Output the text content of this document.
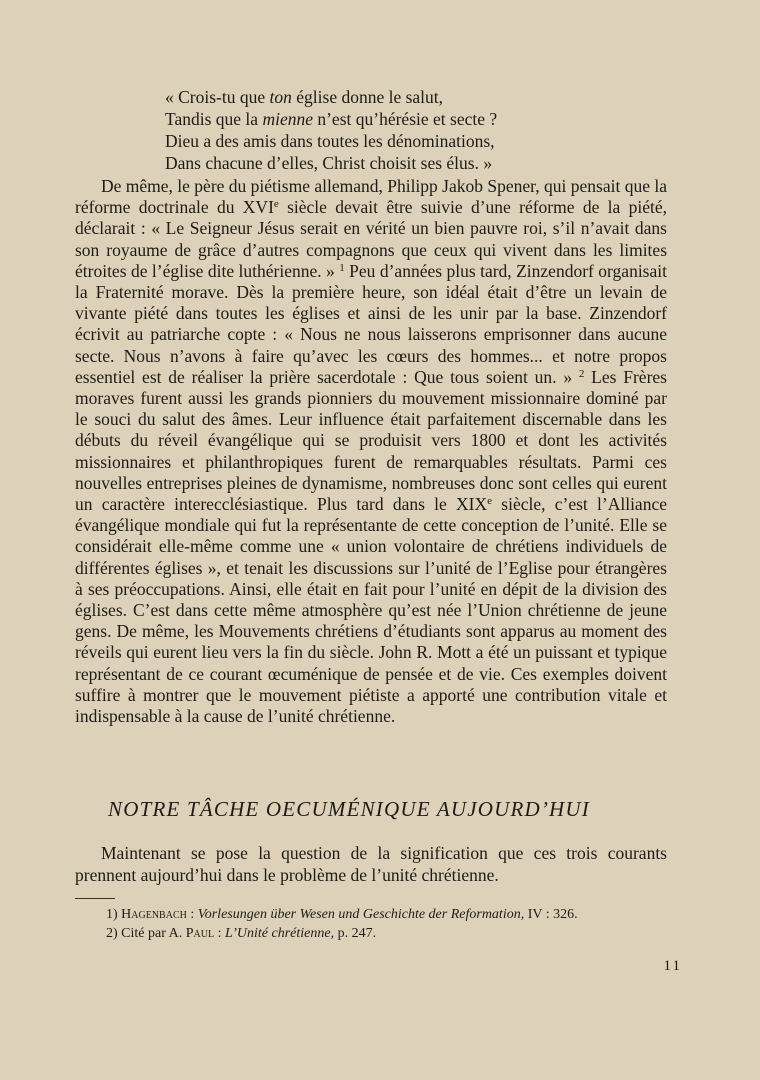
« Crois-tu que ton église donne le salut,
Tandis que la mienne n’est qu’hérésie et secte ?
Dieu a des amis dans toutes les dénominations,
Dans chacune d’elles, Christ choisit ses élus. »
De même, le père du piétisme allemand, Philipp Jakob Spener, qui pensait que la réforme doctrinale du XVIe siècle devait être suivie d’une réforme de la piété, déclarait : « Le Seigneur Jésus serait en vérité un bien pauvre roi, s’il n’avait dans son royaume de grâce d’autres compagnons que ceux qui vivent dans les limites étroites de l’église dite luthérienne. » $^1$ Peu d’années plus tard, Zinzendorf organisait la Fraternité morave. Dès la première heure, son idéal était d’être un levain de vivante piété dans toutes les églises et ainsi de les unir par la base. Zinzendorf écrivit au patriarche copte : « Nous ne nous laisserons emprisonner dans aucune secte. Nous n’avons à faire qu’avec les cœurs des hommes... et notre propos essentiel est de réaliser la prière sacerdotale : Que tous soient un. » $^2$ Les Frères moraves furent aussi les grands pionniers du mouvement missionnaire dominé par le souci du salut des âmes. Leur influence était parfaitement discernable dans les débuts du réveil évangélique qui se produisit vers 1800 et dont les activités missionnaires et philanthropiques furent de remarquables résultats. Parmi ces nouvelles entreprises pleines de dynamisme, nombreuses donc sont celles qui eurent un caractère interecclésiastique. Plus tard dans le XIXe siècle, c’est l’Alliance évangélique mondiale qui fut la représentante de cette conception de l’unité. Elle se considérait elle-même comme une « union volontaire de chrétiens individuels de différentes églises », et tenait les discussions sur l’unité de l’Eglise pour étrangères à ses préoccupations. Ainsi, elle était en fait pour l’unité en dépit de la division des églises. C’est dans cette même atmosphère qu’est née l’Union chrétienne de jeune gens. De même, les Mouvements chrétiens d’étudiants sont apparus au moment des réveils qui eurent lieu vers la fin du siècle. John R. Mott a été un puissant et typique représentant de ce courant œcuménique de pensée et de vie. Ces exemples doivent suffire à montrer que le mouvement piétiste a apporté une contribution vitale et indispensable à la cause de l’unité chrétienne.
NOTRE TÂCHE OECUMÉNIQUE AUJOURD’HUI
Maintenant se pose la question de la signification que ces trois courants prennent aujourd’hui dans le problème de l’unité chrétienne.
1) Hagenbach : Vorlesungen über Wesen und Geschichte der Reformation, IV : 326.
2) Cité par A. Paul : L’Unité chrétienne, p. 247.
11
